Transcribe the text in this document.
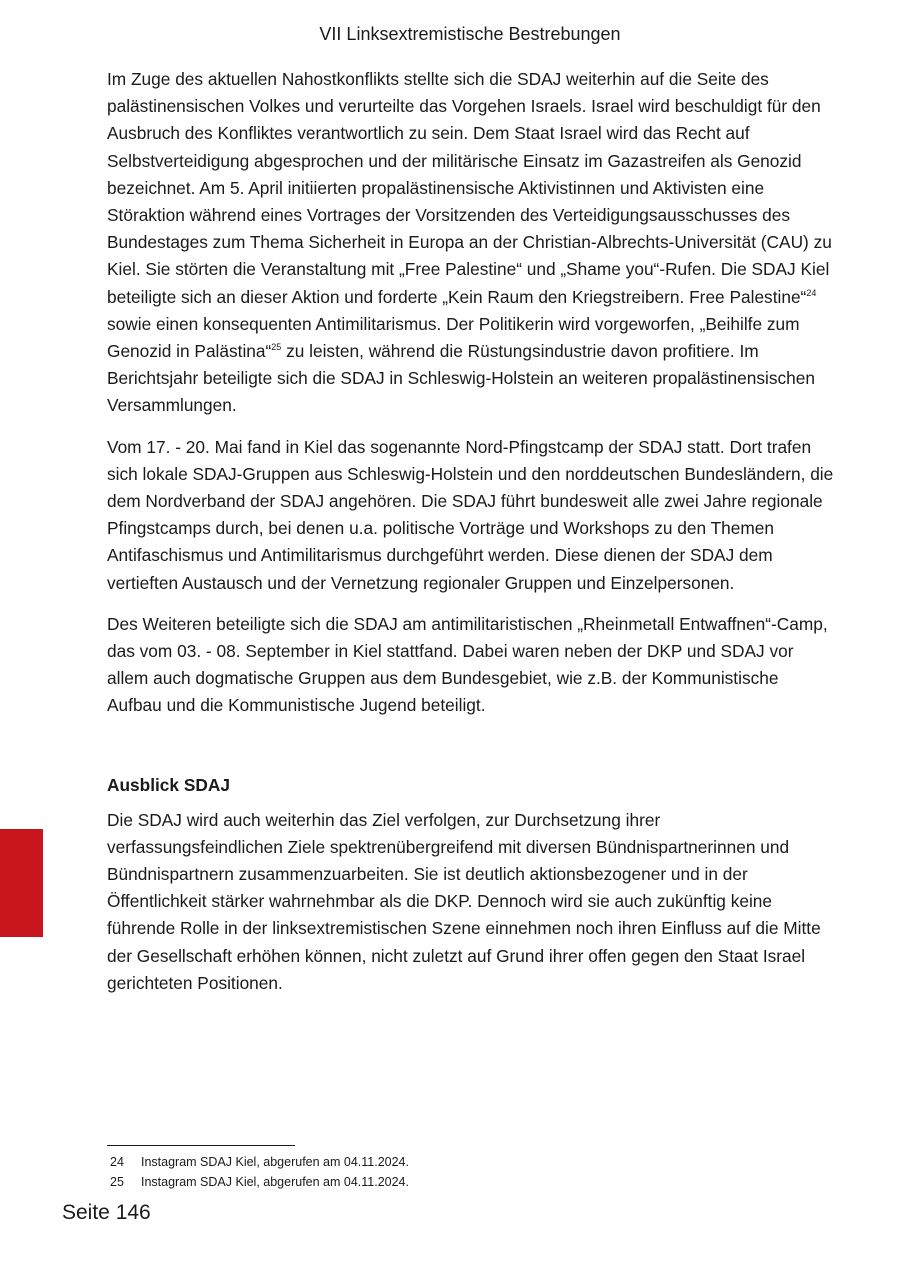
VII Linksextremistische Bestrebungen

Im Zuge des aktuellen Nahostkonflikts stellte sich die SDAJ weiterhin auf die Seite des palästinensischen Volkes und verurteilte das Vorgehen Israels. Israel wird beschuldigt für den Ausbruch des Konfliktes verantwortlich zu sein. Dem Staat Israel wird das Recht auf Selbstverteidigung abgesprochen und der militärische Einsatz im Gazastreifen als Genozid bezeichnet. Am 5. April initiierten propalästinensische Aktivistinnen und Aktivisten eine Störaktion während eines Vortrages der Vorsitzenden des Verteidigungsausschusses des Bundestages zum Thema Sicherheit in Europa an der Christian-Albrechts-Universität (CAU) zu Kiel. Sie störten die Veranstaltung mit „Free Palestine“ und „Shame you“-Rufen. Die SDAJ Kiel beteiligte sich an dieser Aktion und forderte „Kein Raum den Kriegstreibern. Free Palestine“$^{24}$ sowie einen konsequenten Antimilitarismus. Der Politikerin wird vorgeworfen, „Beihilfe zum Genozid in Palästina“$^{25}$ zu leisten, während die Rüstungsindustrie davon profitiere. Im Berichtsjahr beteiligte sich die SDAJ in Schleswig-Holstein an weiteren propalästinensischen Versammlungen.

Vom 17. - 20. Mai fand in Kiel das sogenannte Nord-Pfingstcamp der SDAJ statt. Dort trafen sich lokale SDAJ-Gruppen aus Schleswig-Holstein und den norddeutschen Bundesländern, die dem Nordverband der SDAJ angehören. Die SDAJ führt bundesweit alle zwei Jahre regionale Pfingstcamps durch, bei denen u.a. politische Vorträge und Workshops zu den Themen Antifaschismus und Antimilitarismus durchgeführt werden. Diese dienen der SDAJ dem vertieften Austausch und der Vernetzung regionaler Gruppen und Einzelpersonen.

Des Weiteren beteiligte sich die SDAJ am antimilitaristischen „Rheinmetall Entwaffnen“-Camp, das vom 03. - 08. September in Kiel stattfand. Dabei waren neben der DKP und SDAJ vor allem auch dogmatische Gruppen aus dem Bundesgebiet, wie z.B. der Kommunistische Aufbau und die Kommunistische Jugend beteiligt.

Ausblick SDAJ

Die SDAJ wird auch weiterhin das Ziel verfolgen, zur Durchsetzung ihrer verfassungsfeindlichen Ziele spektrenübergreifend mit diversen Bündnispartnerinnen und Bündnispartnern zusammenzuarbeiten. Sie ist deutlich aktionsbezogener und in der Öffentlichkeit stärker wahrnehmbar als die DKP. Dennoch wird sie auch zukünftig keine führende Rolle in der linksextremistischen Szene einnehmen noch ihren Einfluss auf die Mitte der Gesellschaft erhöhen können, nicht zuletzt auf Grund ihrer offen gegen den Staat Israel gerichteten Positionen.

24	Instagram SDAJ Kiel, abgerufen am 04.11.2024.
25	Instagram SDAJ Kiel, abgerufen am 04.11.2024.
Seite 146
